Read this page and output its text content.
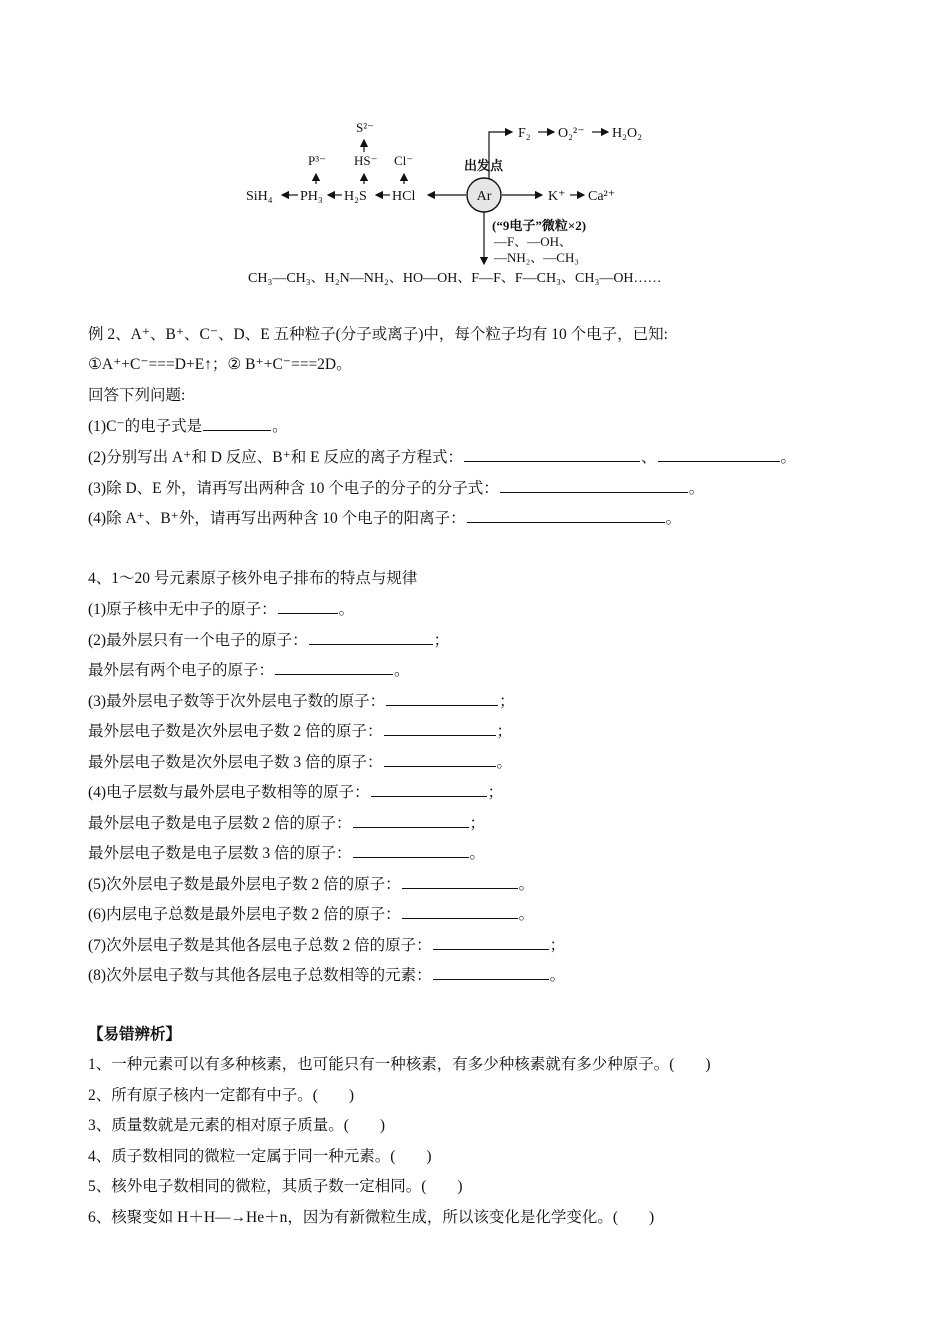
Ar
SiH₄ PH₃ H₂S HCl
P³⁻ HS⁻
S²⁻
Cl⁻	出发点
F₂ O₂²⁻ H₂O₂
K⁺ Ca²⁺
(“9电子”微粒×2)
—F、—OH、
—NH₂、—CH₃
CH₃—CH₃、H₂N—NH₂、HO—OH、F—F、F—CH₃、CH₃—OH……
例 2、A⁺、B⁺、C⁻、D、E 五种粒子(分子或离子)中，每个粒子均有 10 个电子，已知:
①A⁺+C⁻===D+E↑；② B⁺+C⁻===2D。
回答下列问题:
(1)C⁻的电子式是	。
(2)分别写出 A⁺和 D 反应、B⁺和 E 反应的离子方程式：	、	。
(3)除 D、E 外，请再写出两种含 10 个电子的分子的分子式：	。
(4)除 A⁺、B⁺外，请再写出两种含 10 个电子的阳离子：	。
4、1～20 号元素原子核外电子排布的特点与规律
(1)原子核中无中子的原子：	。
(2)最外层只有一个电子的原子：	；
最外层有两个电子的原子：	。
(3)最外层电子数等于次外层电子数的原子：	；
最外层电子数是次外层电子数 2 倍的原子：	；
最外层电子数是次外层电子数 3 倍的原子：	。
(4)电子层数与最外层电子数相等的原子：	；
最外层电子数是电子层数 2 倍的原子：	；
最外层电子数是电子层数 3 倍的原子：	。
(5)次外层电子数是最外层电子数 2 倍的原子：	。
(6)内层电子总数是最外层电子数 2 倍的原子：	。
(7)次外层电子数是其他各层电子总数 2 倍的原子：	；
(8)次外层电子数与其他各层电子总数相等的元素：	。
【易错辨析】
1、一种元素可以有多种核素，也可能只有一种核素，有多少种核素就有多少种原子。(　　)
2、所有原子核内一定都有中子。(　　)
3、质量数就是元素的相对原子质量。(　　)
4、质子数相同的微粒一定属于同一种元素。(　　)
5、核外电子数相同的微粒，其质子数一定相同。(　　)
6、核聚变如 H＋H―→He＋n，因为有新微粒生成，所以该变化是化学变化。(　　)
